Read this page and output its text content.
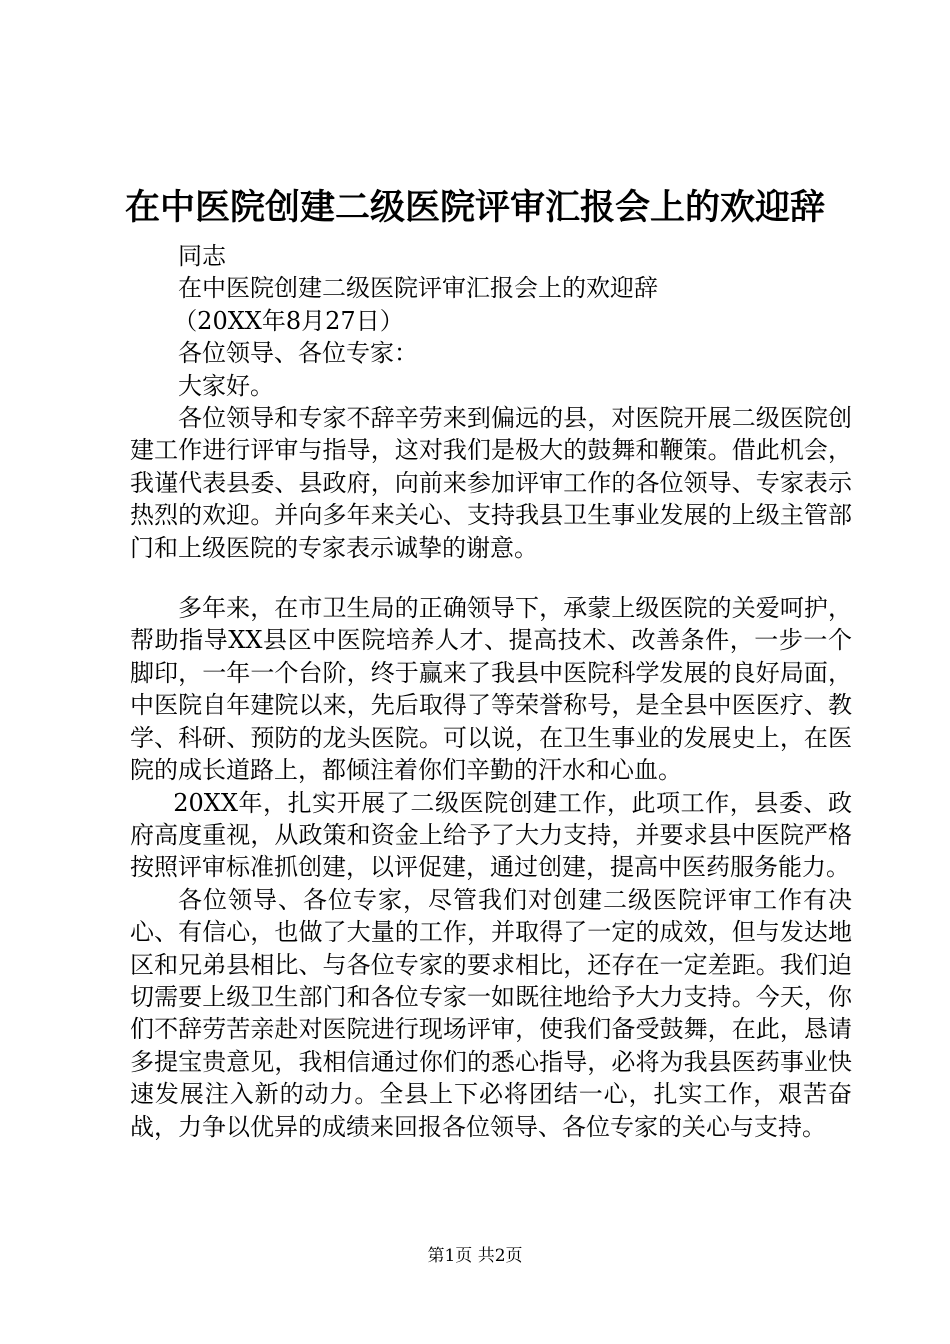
在中医院创建二级医院评审汇报会上的欢迎辞

同志

在中医院创建二级医院评审汇报会上的欢迎辞

（20XX年8月27日）

各位领导、各位专家：

大家好。

各位领导和专家不辞辛劳来到偏远的县，对医院开展二级医院创建工作进行评审与指导，这对我们是极大的鼓舞和鞭策。借此机会，我谨代表县委、县政府，向前来参加评审工作的各位领导、专家表示热烈的欢迎。并向多年来关心、支持我县卫生事业发展的上级主管部门和上级医院的专家表示诚挚的谢意。

多年来，在市卫生局的正确领导下，承蒙上级医院的关爱呵护，帮助指导XX县区中医院培养人才、提高技术、改善条件，一步一个脚印，一年一个台阶，终于赢来了我县中医院科学发展的良好局面，中医院自年建院以来，先后取得了等荣誉称号，是全县中医医疗、教学、科研、预防的龙头医院。可以说，在卫生事业的发展史上，在医院的成长道路上，都倾注着你们辛勤的汗水和心血。

20XX年，扎实开展了二级医院创建工作，此项工作，县委、政府高度重视，从政策和资金上给予了大力支持，并要求县中医院严格按照评审标准抓创建，以评促建，通过创建，提高中医药服务能力。

各位领导、各位专家，尽管我们对创建二级医院评审工作有决心、有信心，也做了大量的工作，并取得了一定的成效，但与发达地区和兄弟县相比、与各位专家的要求相比，还存在一定差距。我们迫切需要上级卫生部门和各位专家一如既往地给予大力支持。今天，你们不辞劳苦亲赴对医院进行现场评审，使我们备受鼓舞，在此，恳请多提宝贵意见，我相信通过你们的悉心指导，必将为我县医药事业快速发展注入新的动力。全县上下必将团结一心，扎实工作，艰苦奋战，力争以优异的成绩来回报各位领导、各位专家的关心与支持。

第1页 共2页
